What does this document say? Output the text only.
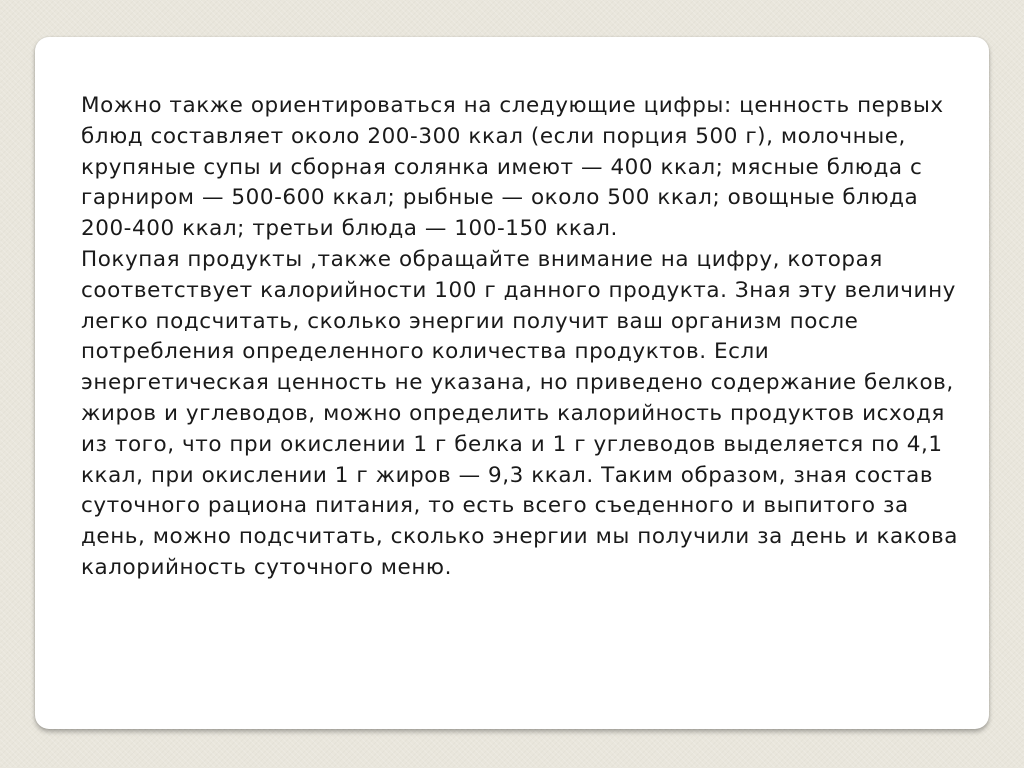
Можно также ориентироваться на следующие цифры: ценность первых блюд составляет около 200-300 ккал (если порция 500 г), молочные, крупяные супы и сборная солянка имеют — 400 ккал; мясные блюда с гарниром — 500-600 ккал; рыбные — около 500 ккал; овощные блюда 200-400 ккал; третьи блюда — 100-150 ккал.

Покупая продукты ,также обращайте внимание на цифру, которая соответствует калорийности 100 г данного продукта. Зная эту величину легко подсчитать, сколько энергии получит ваш организм после потребления определенного количества продуктов. Если энергетическая ценность не указана, но приведено содержание белков, жиров и углеводов, можно определить калорийность продуктов исходя из того, что при окислении 1 г белка и 1 г углеводов выделяется по 4,1 ккал, при окислении 1 г жиров — 9,3 ккал. Таким образом, зная состав суточного рациона питания, то есть всего съеденного и выпитого за день, можно подсчитать, сколько энергии мы получили за день и какова калорийность суточного меню.
